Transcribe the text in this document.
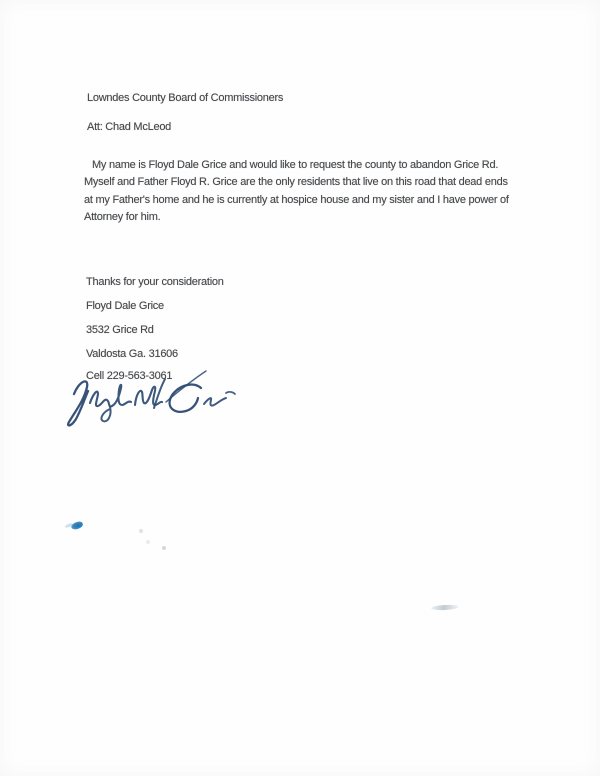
Lowndes County Board of Commissioners
Att: Chad McLeod
My name is Floyd Dale Grice and would like to request the county to abandon Grice Rd.
Myself and Father Floyd R. Grice are the only residents that live on this road that dead ends
at my Father's home and he is currently at hospice house and my sister and I have power of
Attorney for him.
Thanks for your consideration
Floyd Dale Grice
3532 Grice Rd
Valdosta Ga. 31606
Cell 229-563-3061
